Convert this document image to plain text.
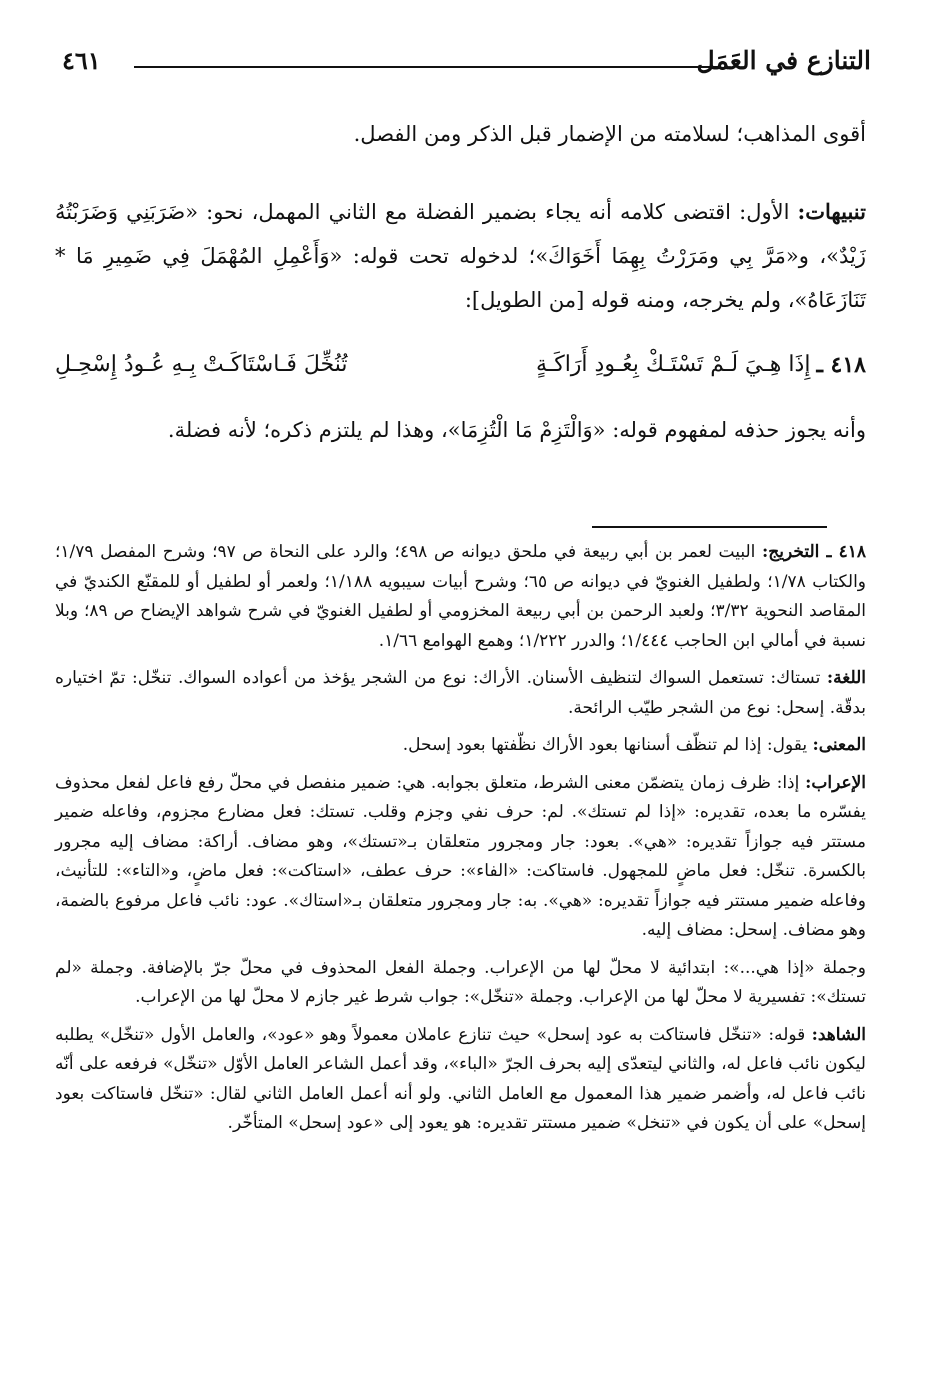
التنازع في العَمَل
٤٦١

أقوى المذاهب؛ لسلامته من الإضمار قبل الذكر ومن الفصل.

تنبيهات: الأول: اقتضى كلامه أنه يجاء بضمير الفضلة مع الثاني المهمل، نحو: «ضَرَبَنِي وَضَرَبْتُهُ زَيْدٌ»، و«مَرَّ بِي ومَرَرْتُ بِهِمَا أَخَوَاكَ»؛ لدخوله تحت قوله: «وَأَعْمِلِ المُهْمَلَ فِي ضَمِيرِ مَا * تَنَازَعَاهُ»، ولم يخرجه، ومنه قوله [من الطويل]:

٤١٨ ـ
إِذَا هِـيَ لَـمْ تَسْتَـكْ بِعُـودِ أَرَاكَـةٍ
تُنُخِّلَ فَـاسْتَاكَـتْ بِـهِ عُـودُ إِسْحِـلِ

وأنه يجوز حذفه لمفهوم قوله: «وَالْتَزِمْ مَا الْتُزِمَا»، وهذا لم يلتزم ذكره؛ لأنه فضلة.

٤١٨ ـ التخريج: البيت لعمر بن أبي ربيعة في ملحق ديوانه ص ٤٩٨؛ والرد على النحاة ص ٩٧؛ وشرح المفصل ١/٧٩؛ والكتاب ١/٧٨؛ ولطفيل الغنويّ في ديوانه ص ٦٥؛ وشرح أبيات سيبويه ١/١٨٨؛ ولعمر أو لطفيل أو للمقنّع الكنديّ في المقاصد النحوية ٣/٣٢؛ ولعبد الرحمن بن أبي ربيعة المخزومي أو لطفيل الغنويّ في شرح شواهد الإيضاح ص ٨٩؛ وبلا نسبة في أمالي ابن الحاجب ١/٤٤٤؛ والدرر ١/٢٢٢؛ وهمع الهوامع ١/٦٦.

اللغة: تستاك: تستعمل السواك لتنظيف الأسنان. الأراك: نوع من الشجر يؤخذ من أعواده السواك. تنخّل: تمّ اختياره بدقّة. إسحل: نوع من الشجر طيّب الرائحة.

المعنى: يقول: إذا لم تنظّف أسنانها بعود الأراك نظّفتها بعود إسحل.

الإعراب: إذا: ظرف زمان يتضمّن معنى الشرط، متعلق بجوابه. هي: ضمير منفصل في محلّ رفع فاعل لفعل محذوف يفسّره ما بعده، تقديره: «إذا لم تستك». لم: حرف نفي وجزم وقلب. تستك: فعل مضارع مجزوم، وفاعله ضمير مستتر فيه جوازاً تقديره: «هي». بعود: جار ومجرور متعلقان بـ«تستك»، وهو مضاف. أراكة: مضاف إليه مجرور بالكسرة. تنخّل: فعل ماضٍ للمجهول. فاستاكت: «الفاء»: حرف عطف، «استاكت»: فعل ماضٍ، و«التاء»: للتأنيث، وفاعله ضمير مستتر فيه جوازاً تقديره: «هي». به: جار ومجرور متعلقان بـ«استاك». عود: نائب فاعل مرفوع بالضمة، وهو مضاف. إسحل: مضاف إليه.

وجملة «إذا هي...»: ابتدائية لا محلّ لها من الإعراب. وجملة الفعل المحذوف في محلّ جرّ بالإضافة. وجملة «لم تستك»: تفسيرية لا محلّ لها من الإعراب. وجملة «تنخّل»: جواب شرط غير جازم لا محلّ لها من الإعراب.

الشاهد: قوله: «تنخّل فاستاكت به عود إسحل» حيث تنازع عاملان معمولاً وهو «عود»، والعامل الأول «تنخّل» يطلبه ليكون نائب فاعل له، والثاني ليتعدّى إليه بحرف الجرّ «الباء»، وقد أعمل الشاعر العامل الأوّل «تنخّل» فرفعه على أنّه نائب فاعل له، وأضمر ضمير هذا المعمول مع العامل الثاني. ولو أنه أعمل العامل الثاني لقال: «تنخّل فاستاكت بعود إسحل» على أن يكون في «تنخل» ضمير مستتر تقديره: هو يعود إلى «عود إسحل» المتأخّر.
